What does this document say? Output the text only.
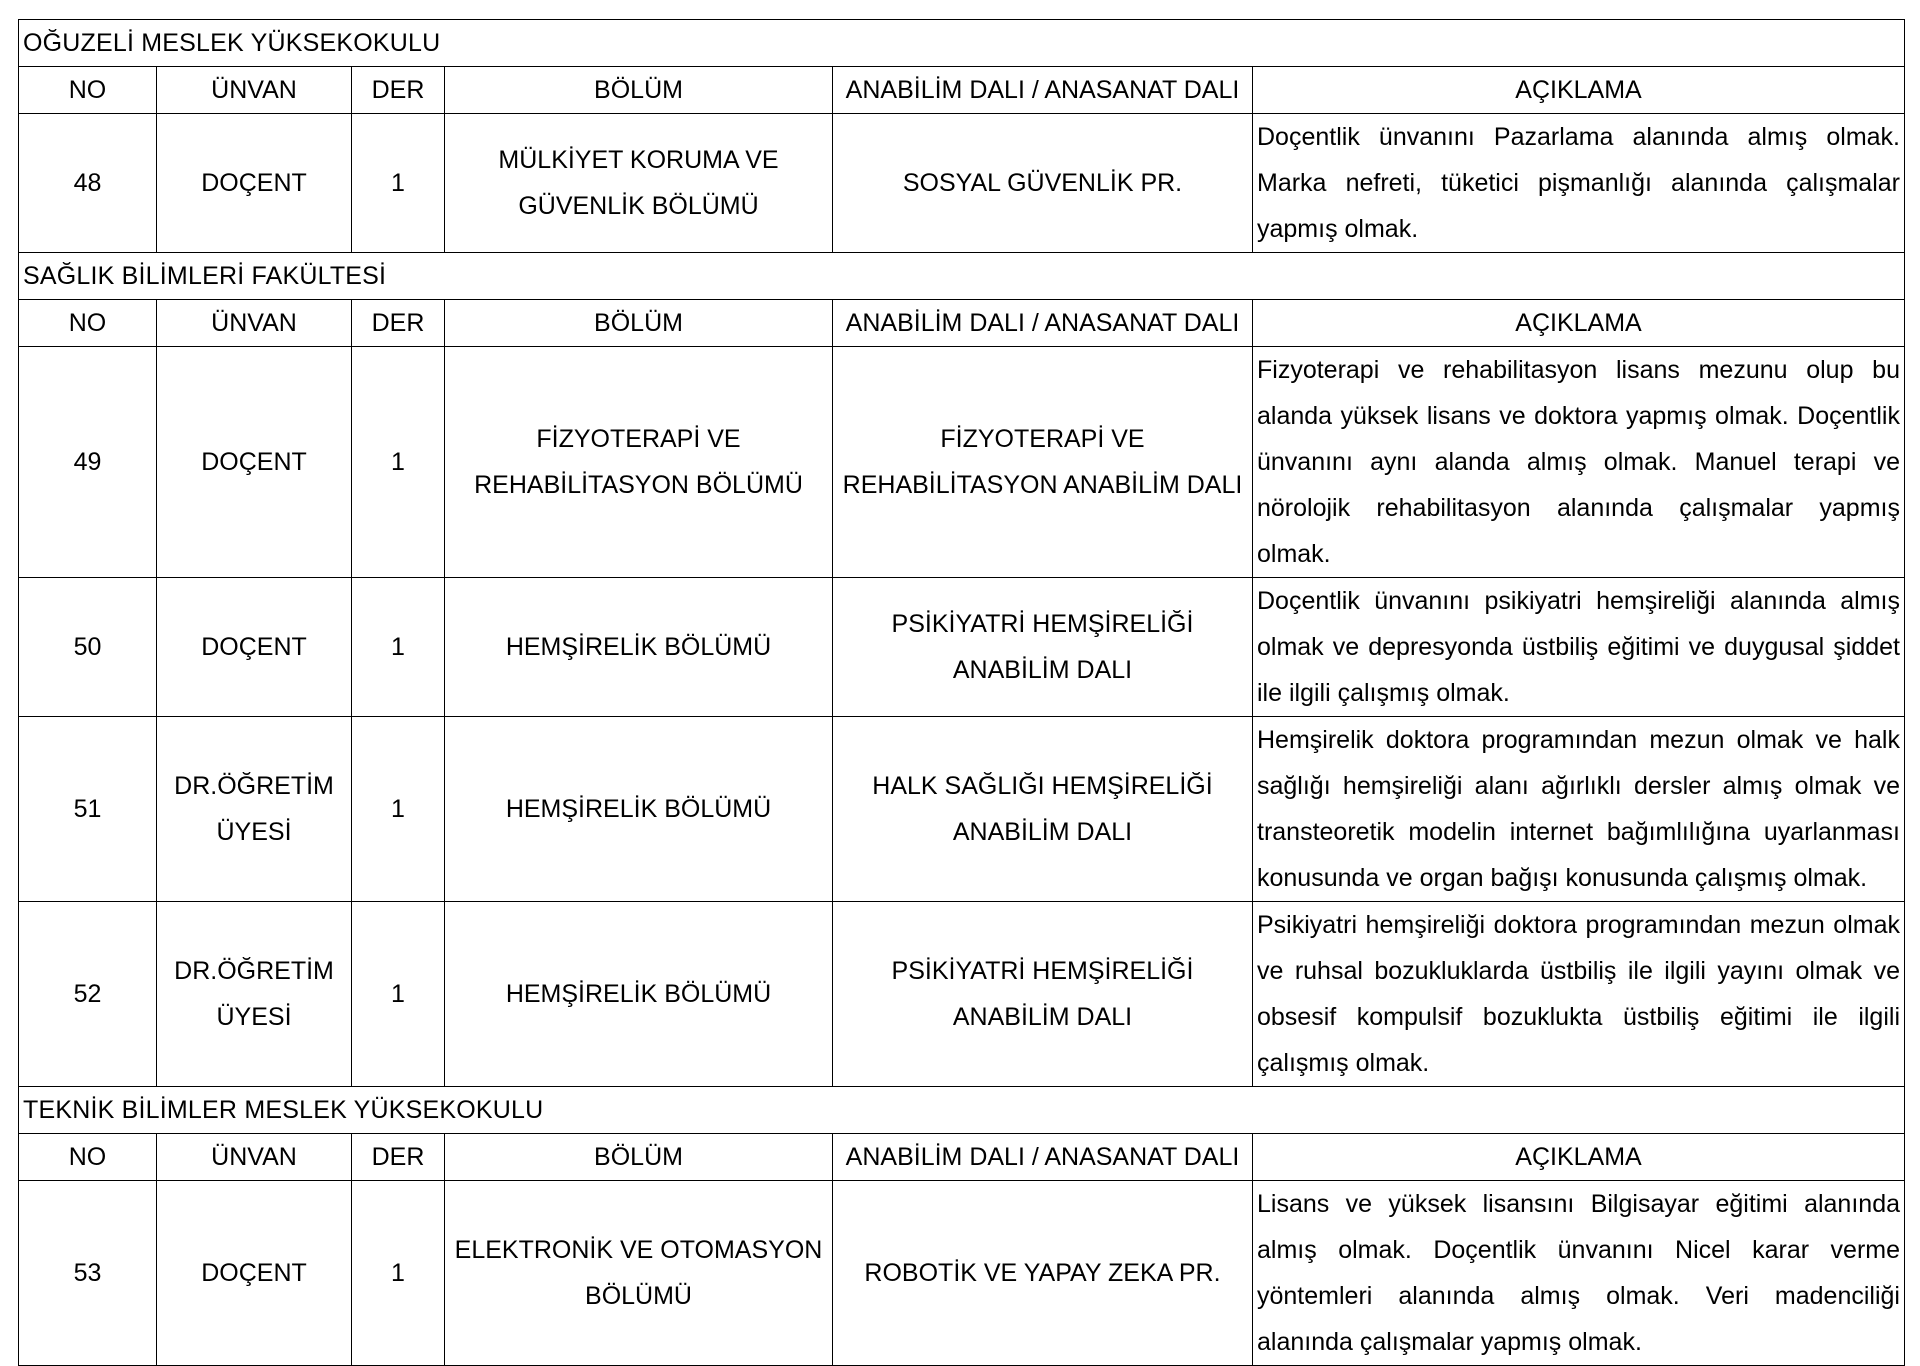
OĞUZELİ MESLEK YÜKSEKOKULU					
NO	ÜNVAN	DER	BÖLÜM	ANABİLİM DALI / ANASANAT DALI	AÇIKLAMA
48	DOÇENT	1	MÜLKİYET KORUMA VE GÜVENLİK BÖLÜMÜ	SOSYAL GÜVENLİK PR.	Doçentlik ünvanını Pazarlama alanında almış olmak. Marka nefreti, tüketici pişmanlığı alanında çalışmalar yapmış olmak.
SAĞLIK BİLİMLERİ FAKÜLTESİ					
NO	ÜNVAN	DER	BÖLÜM	ANABİLİM DALI / ANASANAT DALI	AÇIKLAMA
49	DOÇENT	1	FİZYOTERAPİ VE REHABİLİTASYON BÖLÜMÜ	FİZYOTERAPİ VE REHABİLİTASYON ANABİLİM DALI	Fizyoterapi ve rehabilitasyon lisans mezunu olup bu alanda yüksek lisans ve doktora yapmış olmak. Doçentlik ünvanını aynı alanda almış olmak. Manuel terapi ve nörolojik rehabilitasyon alanında çalışmalar yapmış olmak.
50	DOÇENT	1	HEMŞİRELİK BÖLÜMÜ	PSİKİYATRİ HEMŞİRELİĞİ ANABİLİM DALI	Doçentlik ünvanını psikiyatri hemşireliği alanında almış olmak ve depresyonda üstbiliş eğitimi ve duygusal şiddet ile ilgili çalışmış olmak.
51	DR.ÖĞRETİM ÜYESİ	1	HEMŞİRELİK BÖLÜMÜ	HALK SAĞLIĞI HEMŞİRELİĞİ ANABİLİM DALI	Hemşirelik doktora programından mezun olmak ve halk sağlığı hemşireliği alanı ağırlıklı dersler almış olmak ve transteoretik modelin internet bağımlılığına uyarlanması konusunda ve organ bağışı konusunda çalışmış olmak.
52	DR.ÖĞRETİM ÜYESİ	1	HEMŞİRELİK BÖLÜMÜ	PSİKİYATRİ HEMŞİRELİĞİ ANABİLİM DALI	Psikiyatri hemşireliği doktora programından mezun olmak ve ruhsal bozukluklarda üstbiliş ile ilgili yayını olmak ve obsesif kompulsif bozuklukta üstbiliş eğitimi ile ilgili çalışmış olmak.
TEKNİK BİLİMLER MESLEK YÜKSEKOKULU					
NO	ÜNVAN	DER	BÖLÜM	ANABİLİM DALI / ANASANAT DALI	AÇIKLAMA
53	DOÇENT	1	ELEKTRONİK VE OTOMASYON BÖLÜMÜ	ROBOTİK VE YAPAY ZEKA PR.	Lisans ve yüksek lisansını Bilgisayar eğitimi alanında almış olmak. Doçentlik ünvanını Nicel karar verme yöntemleri alanında almış olmak. Veri madenciliği alanında çalışmalar yapmış olmak.
